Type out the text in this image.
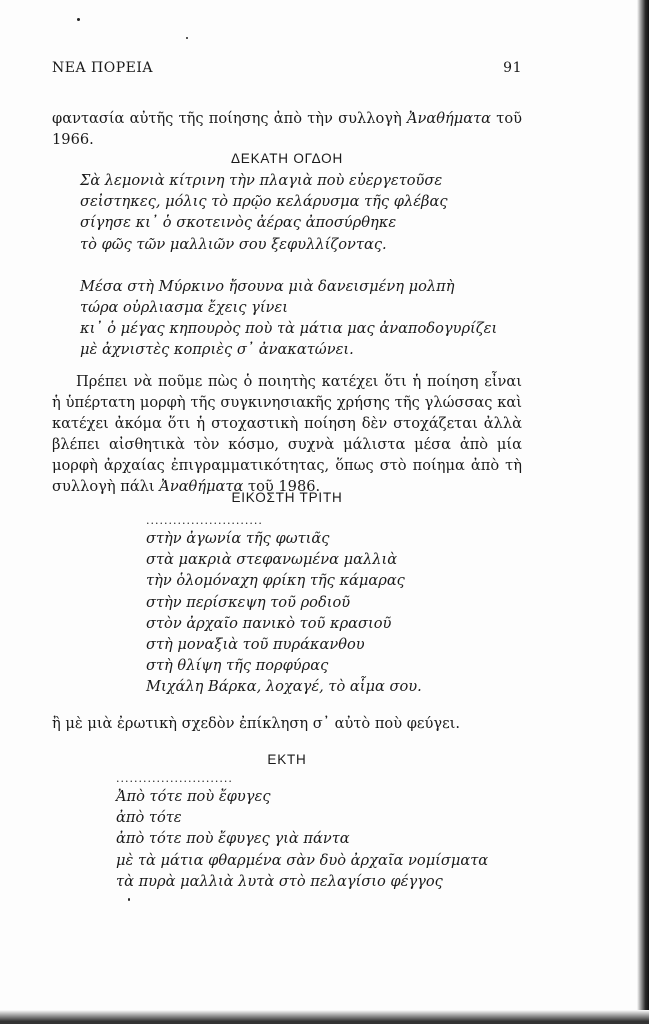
ΝΕΑ ΠΟΡΕΙΑ	91

φαντασία αὐτῆς τῆς ποίησης ἀπὸ τὴν συλλογὴ Ἀναθήματα τοῦ 1966.

ΔΕΚΑΤΗ ΟΓΔΟΗ
Σὰ λεμονιὰ κίτρινη τὴν πλαγιὰ ποὺ εὐεργετοῦσε
σεἰστηκες, μόλις τὸ πρῷο κελάρυσμα τῆς φλέβας
σίγησε κι᾽ ὁ σκοτεινὸς ἀέρας ἀποσύρθηκε
τὸ φῶς τῶν μαλλιῶν σου ξεφυλλίζοντας.
Μέσα στὴ Μύρκινο ἤσουνα μιὰ δανεισμένη μολπὴ
τώρα οὐρλιασμα ἔχεις γίνει
κι᾽ ὁ μέγας κηπουρὸς ποὺ τὰ μάτια μας ἀναποδογυρίζει
μὲ ἀχνιστὲς κοπριὲς σ᾽ ἀνακατώνει.

Πρέπει νὰ ποῦμε πὼς ὁ ποιητὴς κατέχει ὅτι ἡ ποίηση εἶναι ἡ ὑπέρτατη μορφὴ τῆς συγκινησιακῆς χρήσης τῆς γλώσσας καὶ κατέχει ἀκόμα ὅτι ἡ στοχαστικὴ ποίηση δὲν στοχάζεται ἀλλὰ βλέπει αἰσθητικὰ τὸν κόσμο, συχνὰ μάλιστα μέσα ἀπὸ μία μορφὴ ἀρχαίας ἐπιγραμματικότητας, ὅπως στὸ ποίημα ἀπὸ τὴ συλλογὴ πάλι Ἀναθήματα τοῦ 1986.

ΕΙΚΟΣΤΗ ΤΡΙΤΗ
..........................
στὴν ἀγωνία τῆς φωτιᾶς
στὰ μακριὰ στεφανωμένα μαλλιὰ
τὴν ὁλομόναχη φρίκη τῆς κάμαρας
στὴν περίσκεψη τοῦ ροδιοῦ
στὸν ἀρχαῖο πανικὸ τοῦ κρασιοῦ
στὴ μοναξιὰ τοῦ πυράκανθου
στὴ θλίψη τῆς πορφύρας
Μιχάλη Βάρκα, λοχαγέ, τὸ αἷμα σου.

ἢ μὲ μιὰ ἐρωτικὴ σχεδὸν ἐπίκληση σ᾽ αὐτὸ ποὺ φεύγει.

ΕΚΤΗ
..........................
Ἀπὸ τότε ποὺ ἔφυγες
ἀπὸ τότε
ἀπὸ τότε ποὺ ἔφυγες γιὰ πάντα
μὲ τὰ μάτια φθαρμένα σὰν δυὸ ἀρχαῖα νομίσματα
τὰ πυρὰ μαλλιὰ λυτὰ στὸ πελαγίσιο φέγγος
